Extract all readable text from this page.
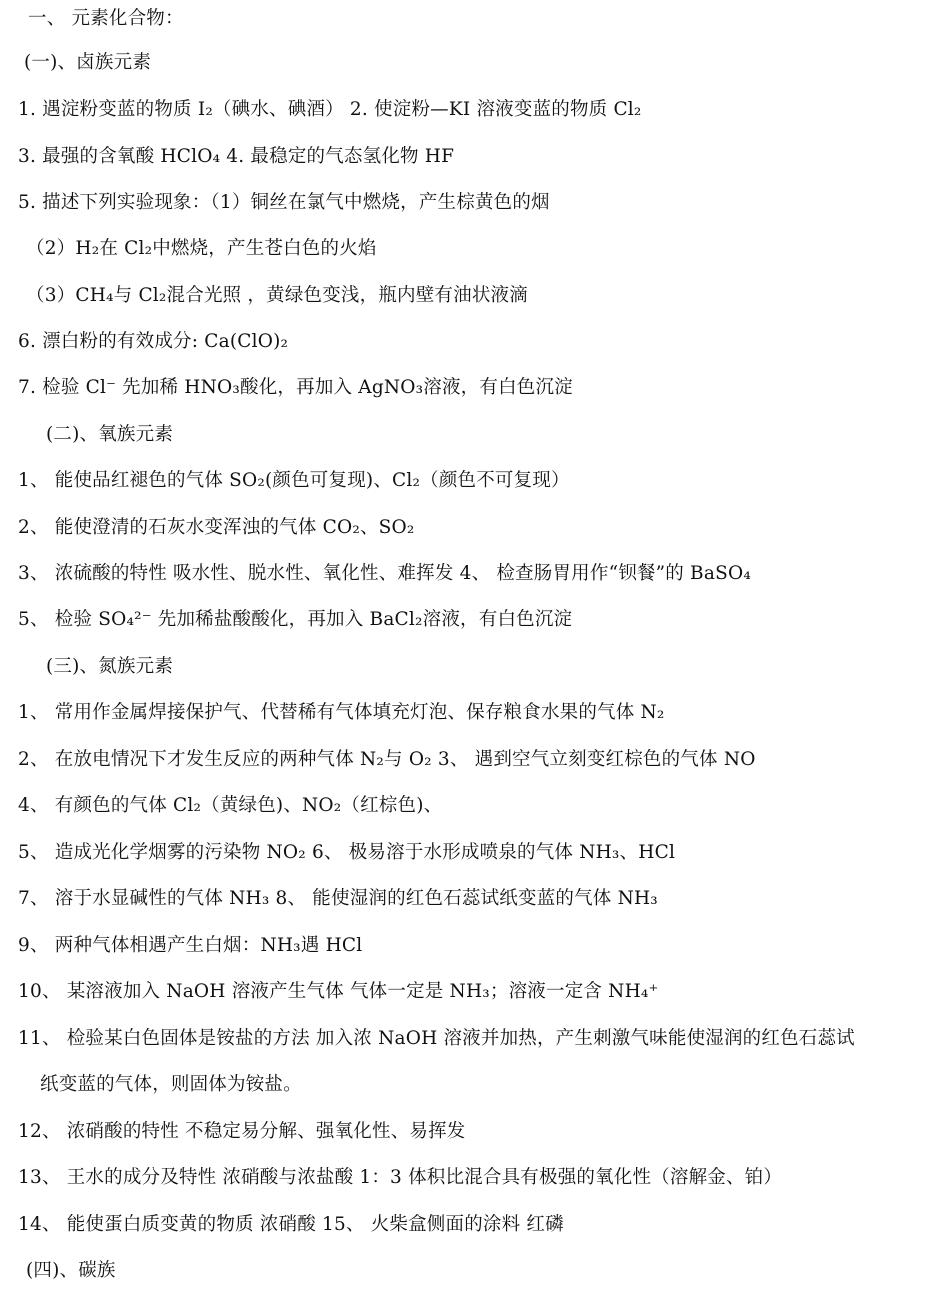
一、 元素化合物：
(一)、卤族元素
1. 遇淀粉变蓝的物质 I₂（碘水、碘酒） 2. 使淀粉—KI 溶液变蓝的物质 Cl₂
3. 最强的含氧酸 HClO₄ 4. 最稳定的气态氢化物 HF
5. 描述下列实验现象：（1）铜丝在氯气中燃烧，产生棕黄色的烟
（2）H₂在 Cl₂中燃烧，产生苍白色的火焰
（3）CH₄与 Cl₂混合光照 ，黄绿色变浅，瓶内壁有油状液滴
6. 漂白粉的有效成分: Ca(ClO)₂
7. 检验 Cl⁻ 先加稀 HNO₃酸化，再加入 AgNO₃溶液，有白色沉淀
(二)、氧族元素
1、 能使品红褪色的气体 SO₂(颜色可复现)、Cl₂（颜色不可复现）
2、 能使澄清的石灰水变浑浊的气体 CO₂、SO₂
3、 浓硫酸的特性 吸水性、脱水性、氧化性、难挥发 4、 检查肠胃用作“钡餐”的 BaSO₄
5、 检验 SO₄²⁻ 先加稀盐酸酸化，再加入 BaCl₂溶液，有白色沉淀
(三)、氮族元素
1、 常用作金属焊接保护气、代替稀有气体填充灯泡、保存粮食水果的气体 N₂
2、 在放电情况下才发生反应的两种气体 N₂与 O₂ 3、 遇到空气立刻变红棕色的气体 NO
4、 有颜色的气体 Cl₂（黄绿色)、NO₂（红棕色)、
5、 造成光化学烟雾的污染物 NO₂ 6、 极易溶于水形成喷泉的气体 NH₃、HCl
7、 溶于水显碱性的气体 NH₃ 8、 能使湿润的红色石蕊试纸变蓝的气体 NH₃
9、 两种气体相遇产生白烟：NH₃遇 HCl
10、 某溶液加入 NaOH 溶液产生气体 气体一定是 NH₃；溶液一定含 NH₄⁺
11、 检验某白色固体是铵盐的方法 加入浓 NaOH 溶液并加热，产生刺激气味能使湿润的红色石蕊试
纸变蓝的气体，则固体为铵盐。
12、 浓硝酸的特性 不稳定易分解、强氧化性、易挥发
13、 王水的成分及特性 浓硝酸与浓盐酸 1：3 体积比混合具有极强的氧化性（溶解金、铂）
14、 能使蛋白质变黄的物质 浓硝酸 15、 火柴盒侧面的涂料 红磷
(四)、碳族
